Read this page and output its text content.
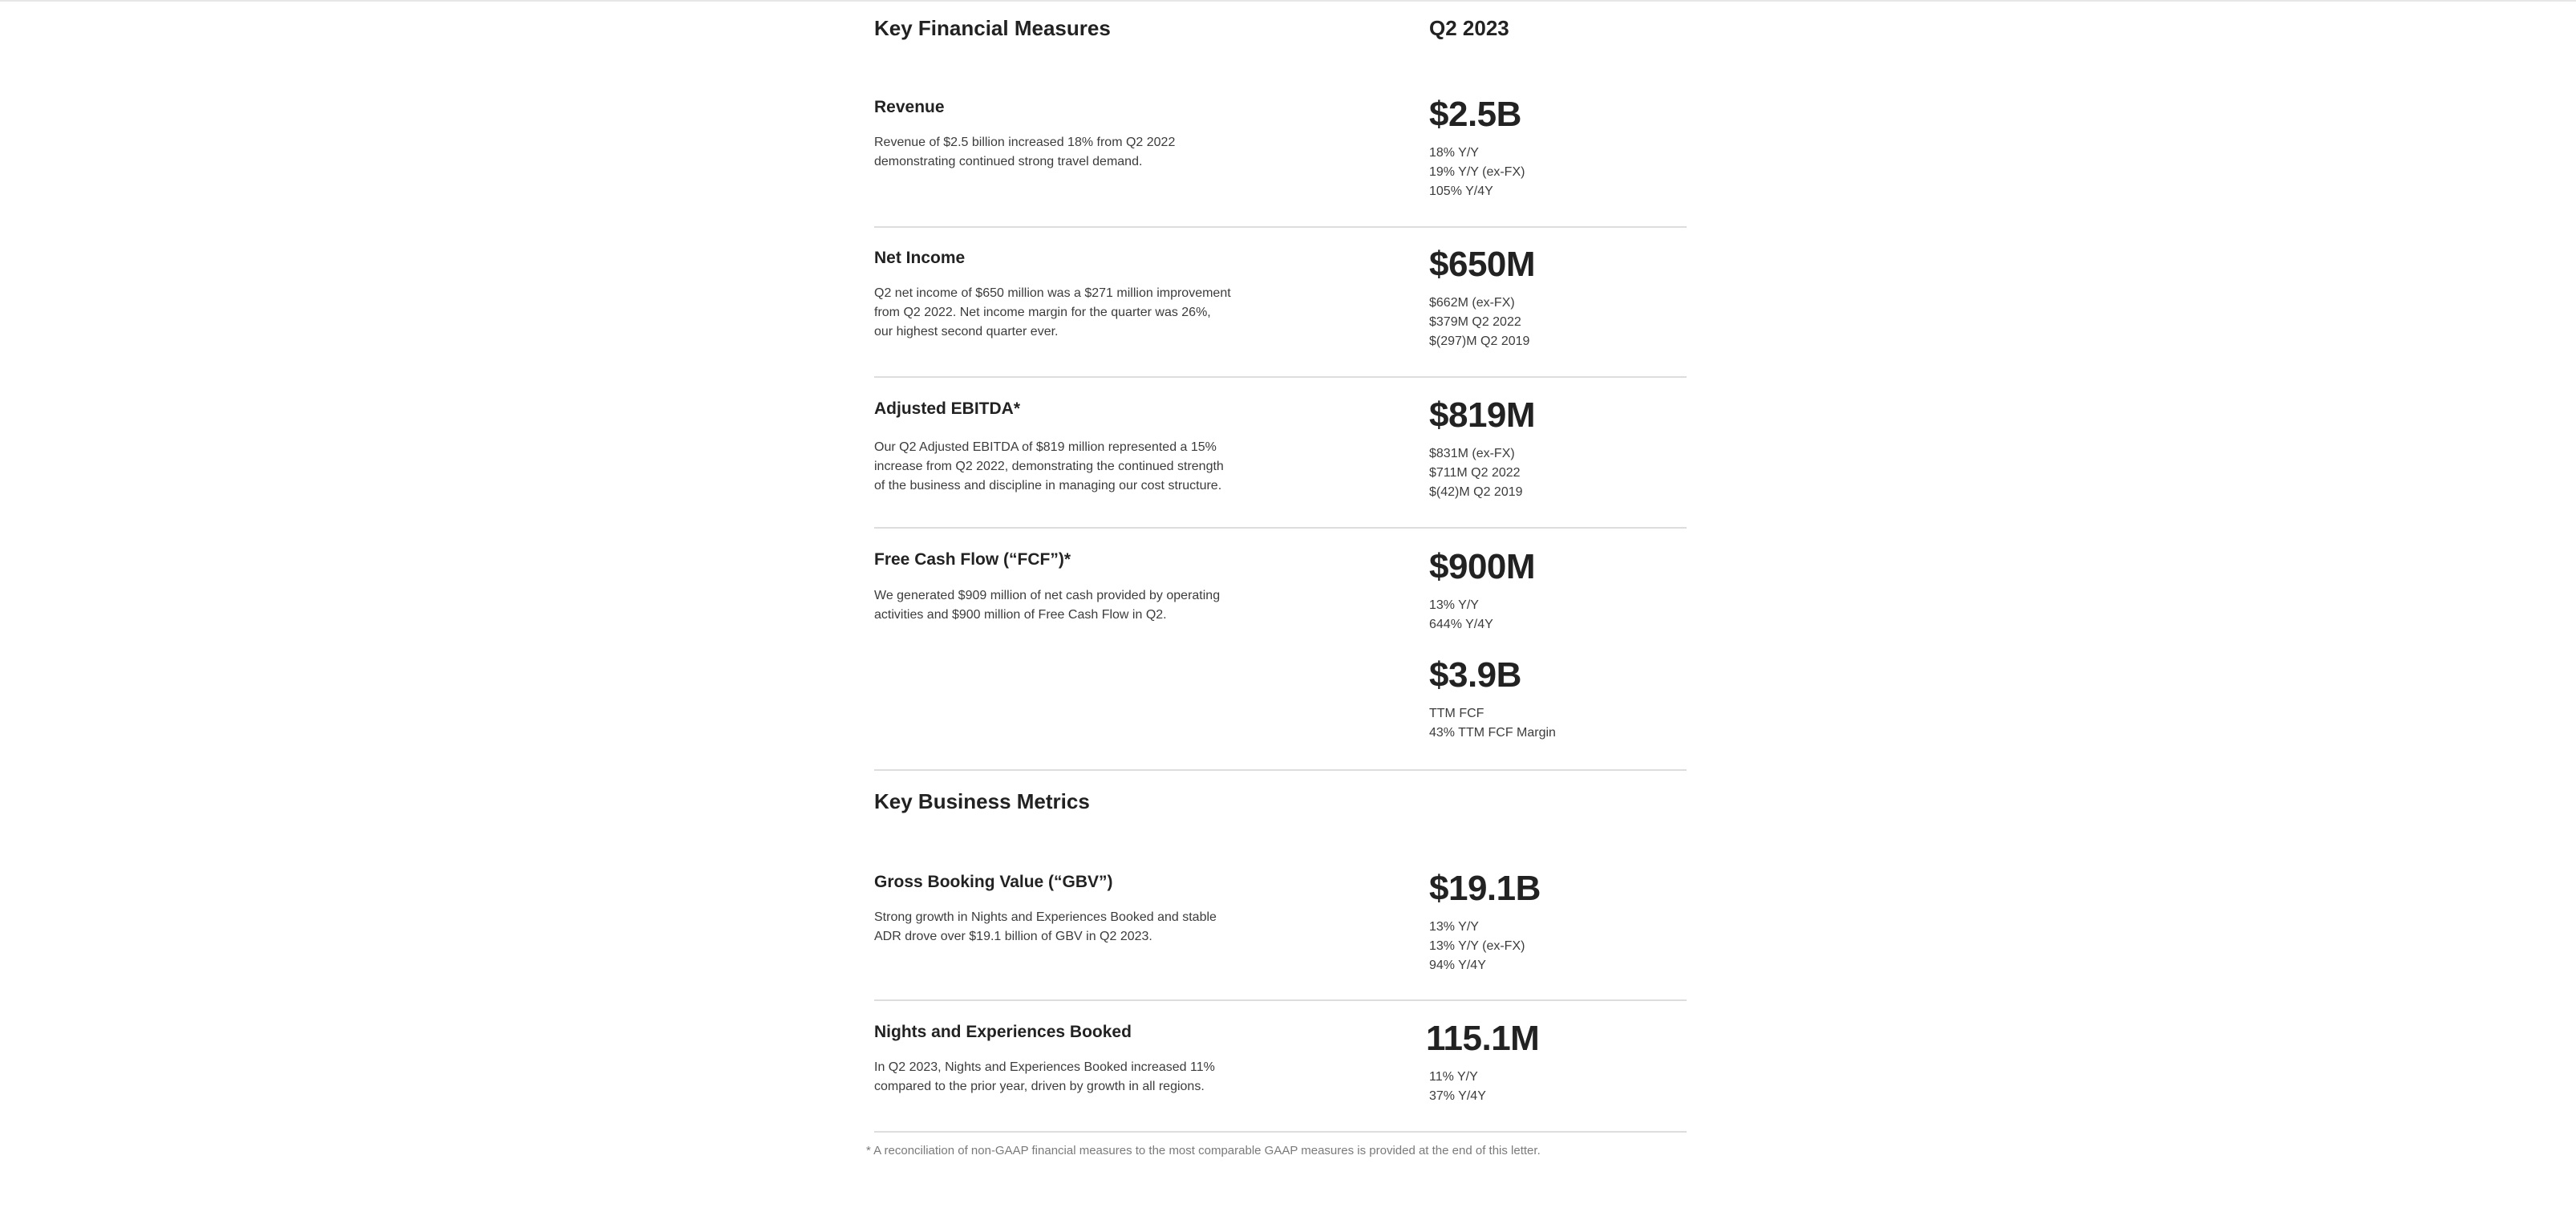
Key Financial Measures	Q2 2023
Revenue
Revenue of $2.5 billion increased 18% from Q2 2022
demonstrating continued strong travel demand.
$2.5B
18% Y/Y
19% Y/Y (ex-FX)
105% Y/4Y
Net Income
Q2 net income of $650 million was a $271 million improvement
from Q2 2022. Net income margin for the quarter was 26%,
our highest second quarter ever.
$650M
$662M (ex-FX)
$379M Q2 2022
$(297)M Q2 2019
Adjusted EBITDA*
Our Q2 Adjusted EBITDA of $819 million represented a 15%
increase from Q2 2022, demonstrating the continued strength
of the business and discipline in managing our cost structure.
$819M
$831M (ex-FX)
$711M Q2 2022
$(42)M Q2 2019
Free Cash Flow (“FCF”)*
We generated $909 million of net cash provided by operating
activities and $900 million of Free Cash Flow in Q2.
$900M
13% Y/Y
644% Y/4Y
$3.9B
TTM FCF
43% TTM FCF Margin
Key Business Metrics
Gross Booking Value (“GBV”)
Strong growth in Nights and Experiences Booked and stable
ADR drove over $19.1 billion of GBV in Q2 2023.
$19.1B
13% Y/Y
13% Y/Y (ex-FX)
94% Y/4Y
Nights and Experiences Booked
In Q2 2023, Nights and Experiences Booked increased 11%
compared to the prior year, driven by growth in all regions.
115.1M
11% Y/Y
37% Y/4Y
* A reconciliation of non-GAAP financial measures to the most comparable GAAP measures is provided at the end of this letter.
